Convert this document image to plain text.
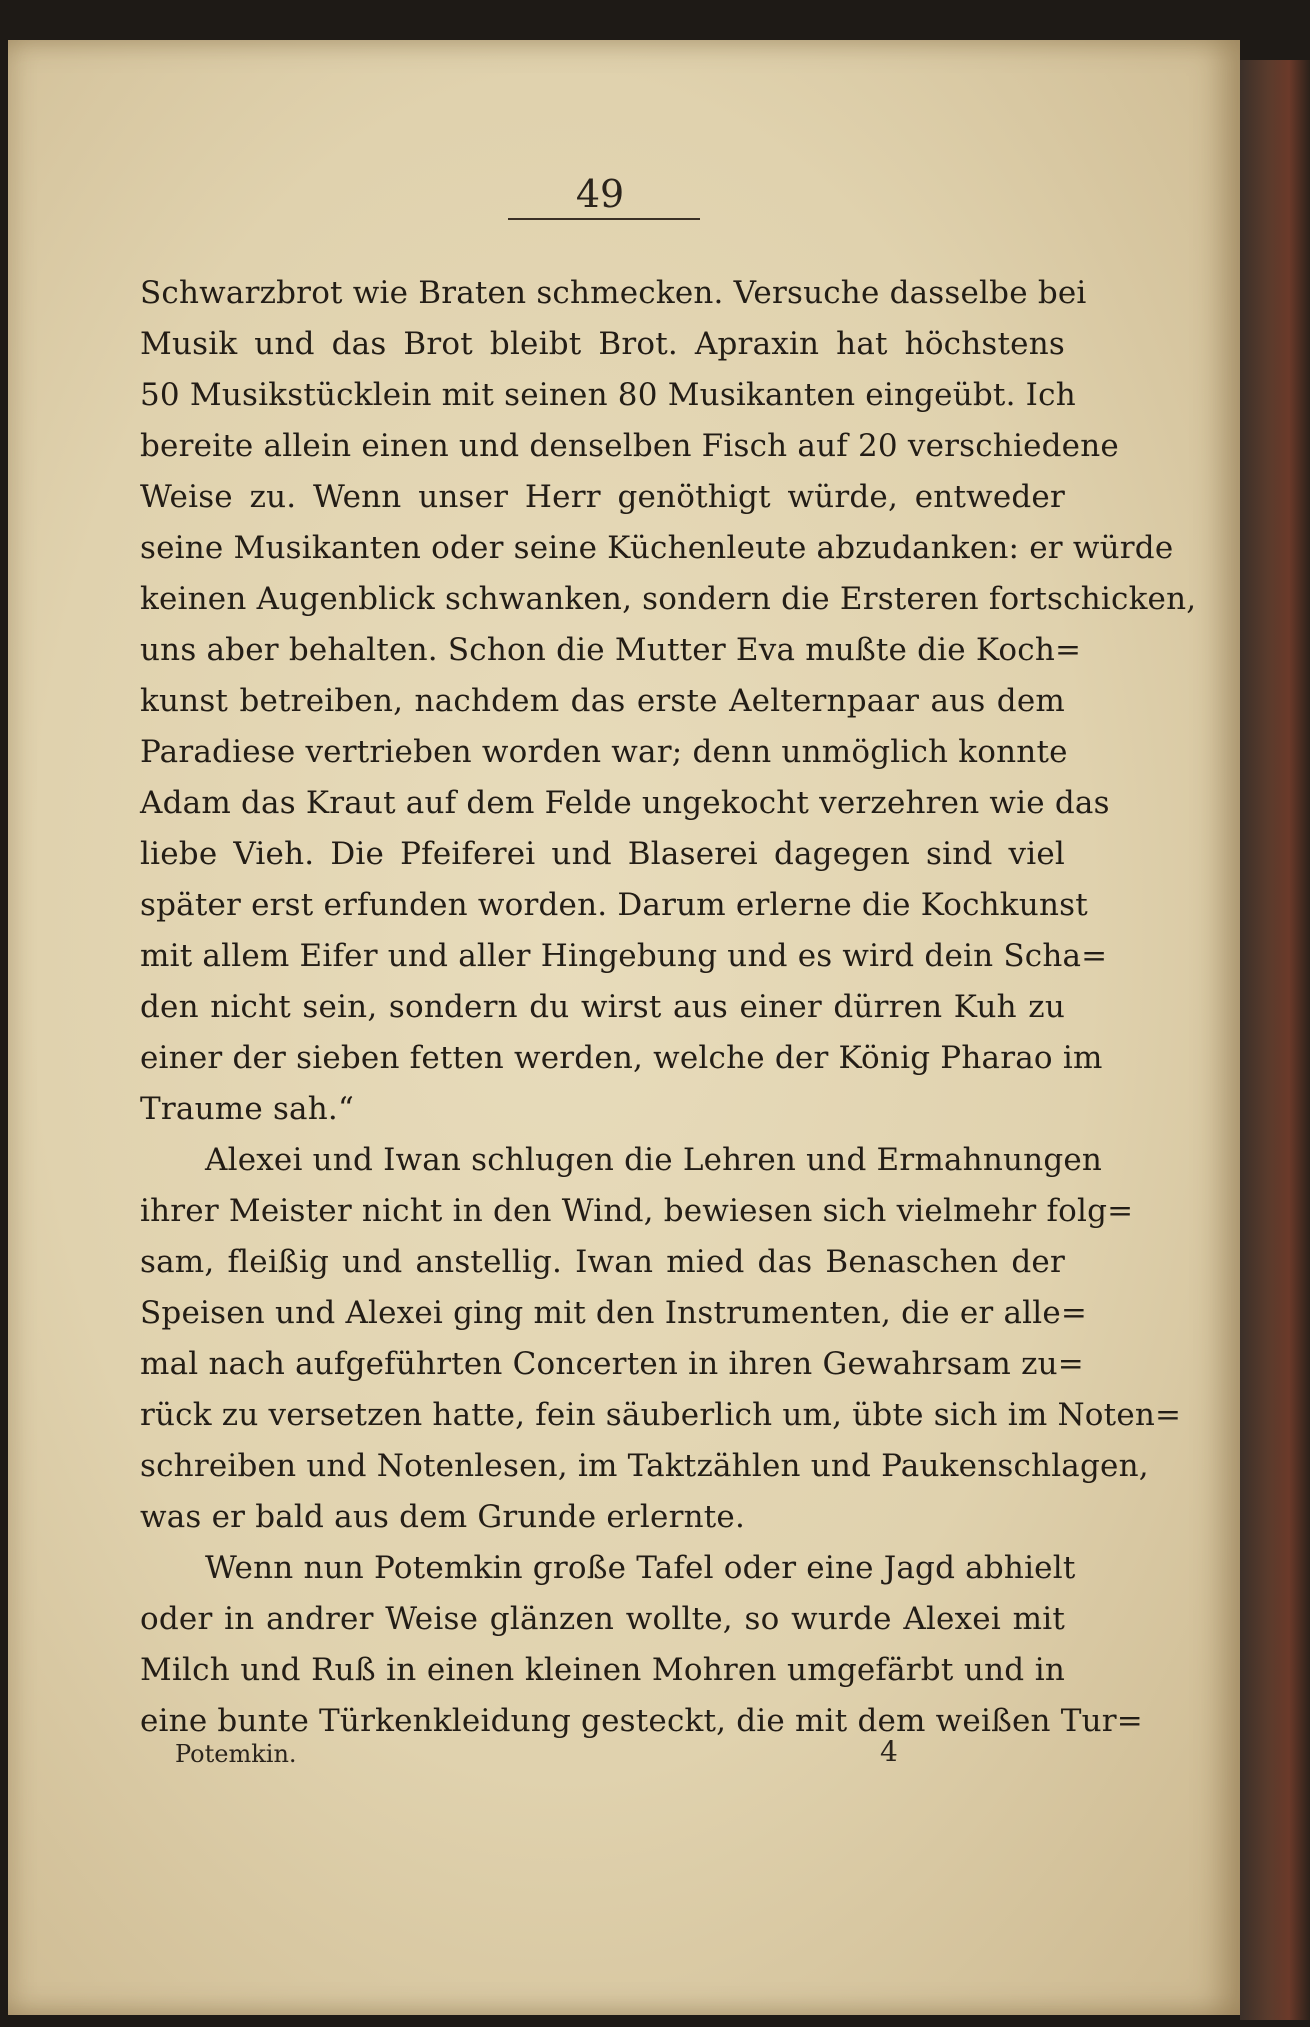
49
Schwarzbrot wie Braten schmecken. Versuche dasselbe bei
Musik und das Brot bleibt Brot. Apraxin hat höchstens
50 Musikstücklein mit seinen 80 Musikanten eingeübt. Ich
bereite allein einen und denselben Fisch auf 20 verschiedene
Weise zu. Wenn unser Herr genöthigt würde, entweder
seine Musikanten oder seine Küchenleute abzudanken: er würde
keinen Augenblick schwanken, sondern die Ersteren fortschicken,
uns aber behalten. Schon die Mutter Eva mußte die Koch=
kunst betreiben, nachdem das erste Aelternpaar aus dem
Paradiese vertrieben worden war; denn unmöglich konnte
Adam das Kraut auf dem Felde ungekocht verzehren wie das
liebe Vieh. Die Pfeiferei und Blaserei dagegen sind viel
später erst erfunden worden. Darum erlerne die Kochkunst
mit allem Eifer und aller Hingebung und es wird dein Scha=
den nicht sein, sondern du wirst aus einer dürren Kuh zu
einer der sieben fetten werden, welche der König Pharao im
Traume sah.“
Alexei und Iwan schlugen die Lehren und Ermahnungen
ihrer Meister nicht in den Wind, bewiesen sich vielmehr folg=
sam, fleißig und anstellig. Iwan mied das Benaschen der
Speisen und Alexei ging mit den Instrumenten, die er alle=
mal nach aufgeführten Concerten in ihren Gewahrsam zu=
rück zu versetzen hatte, fein säuberlich um, übte sich im Noten=
schreiben und Notenlesen, im Taktzählen und Paukenschlagen,
was er bald aus dem Grunde erlernte.
Wenn nun Potemkin große Tafel oder eine Jagd abhielt
oder in andrer Weise glänzen wollte, so wurde Alexei mit
Milch und Ruß in einen kleinen Mohren umgefärbt und in
eine bunte Türkenkleidung gesteckt, die mit dem weißen Tur=
Potemkin.	4
